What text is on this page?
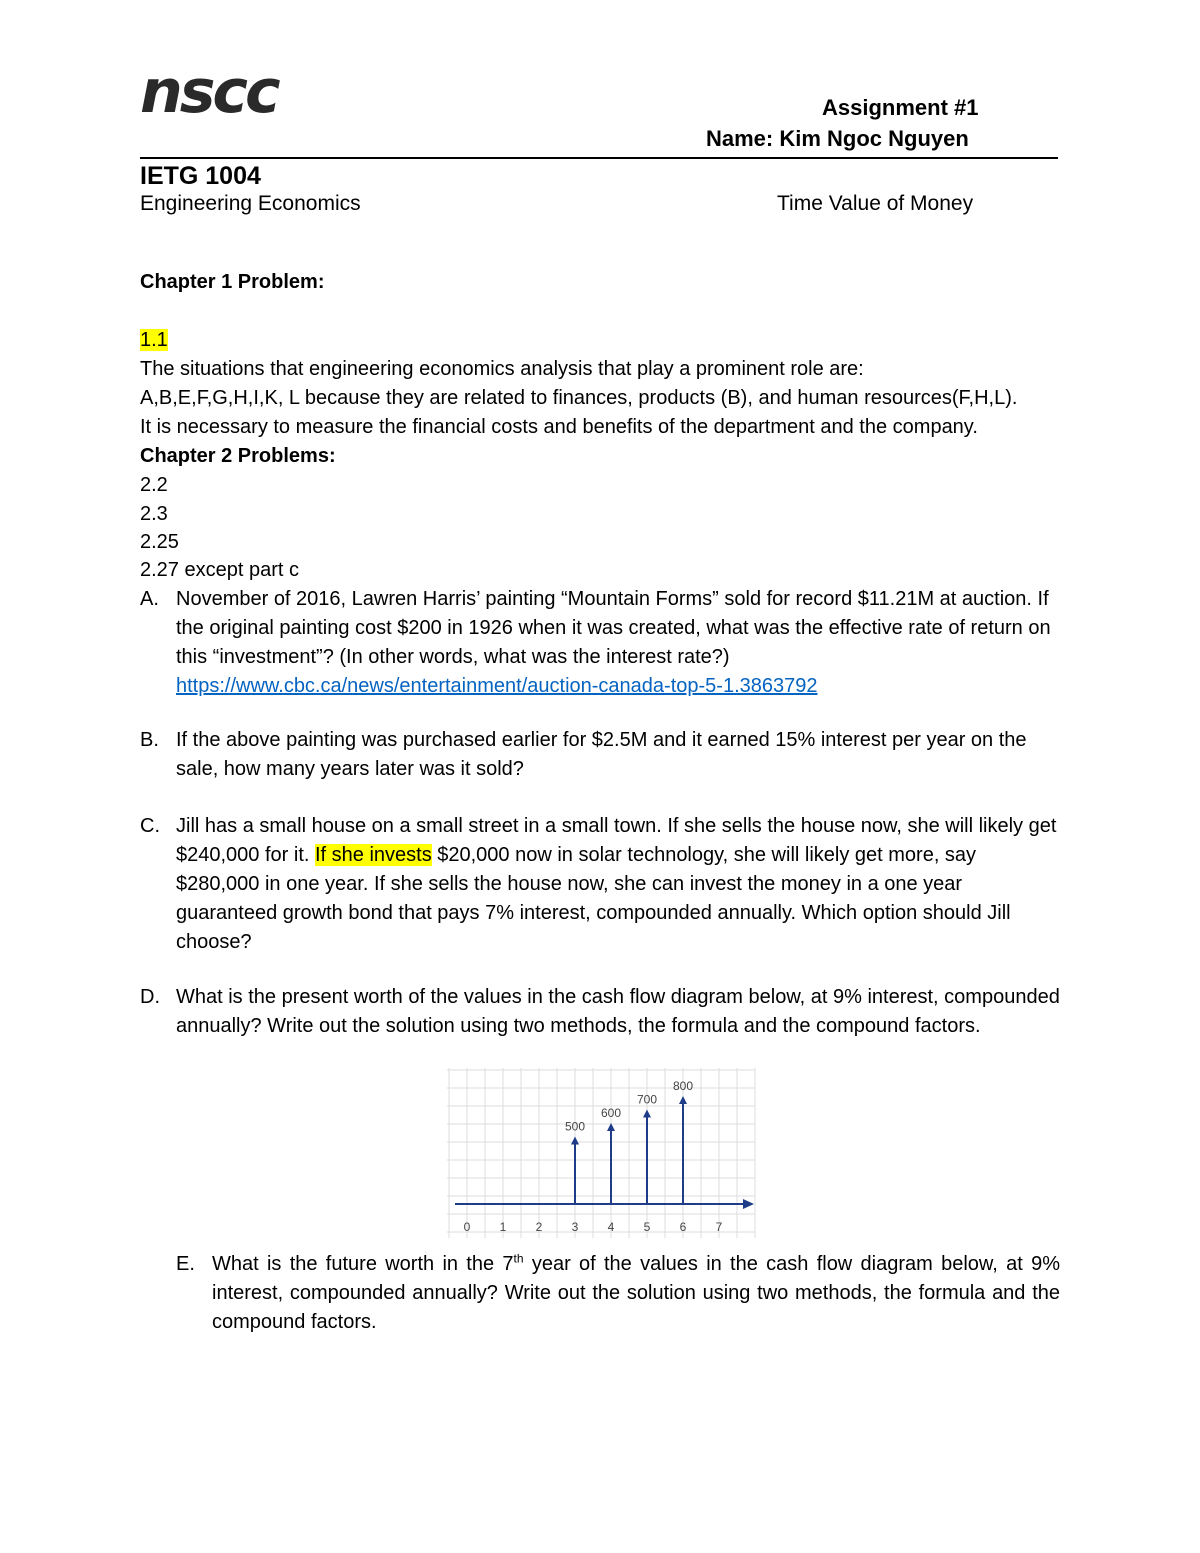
nscc	Assignment #1
Name: Kim Ngoc Nguyen
IETG 1004
Engineering Economics	Time Value of Money
Chapter 1 Problem:
1.1
The situations that engineering economics analysis that play a prominent role are:
A,B,E,F,G,H,I,K, L because they are related to finances, products (B), and human resources(F,H,L).
It is necessary to measure the financial costs and benefits of the department and the company.
Chapter 2 Problems:
2.2
2.3
2.25
2.27 except part c
A. November of 2016, Lawren Harris’ painting “Mountain Forms” sold for record $11.21M at auction. If the original painting cost $200 in 1926 when it was created, what was the effective rate of return on this “investment”? (In other words, what was the interest rate?)
https://www.cbc.ca/news/entertainment/auction-canada-top-5-1.3863792
B. If the above painting was purchased earlier for $2.5M and it earned 15% interest per year on the sale, how many years later was it sold?
C. Jill has a small house on a small street in a small town. If she sells the house now, she will likely get $240,000 for it. If she invests $20,000 now in solar technology, she will likely get more, say $280,000 in one year. If she sells the house now, she can invest the money in a one year guaranteed growth bond that pays 7% interest, compounded annually. Which option should Jill choose?
D. What is the present worth of the values in the cash flow diagram below, at 9% interest, compounded annually? Write out the solution using two methods, the formula and the compound factors.
0 1 2 3 4 5 6 7
500
600
700
800
E. What is the future worth in the 7th year of the values in the cash flow diagram below, at 9% interest, compounded annually? Write out the solution using two methods, the formula and the compound factors.
